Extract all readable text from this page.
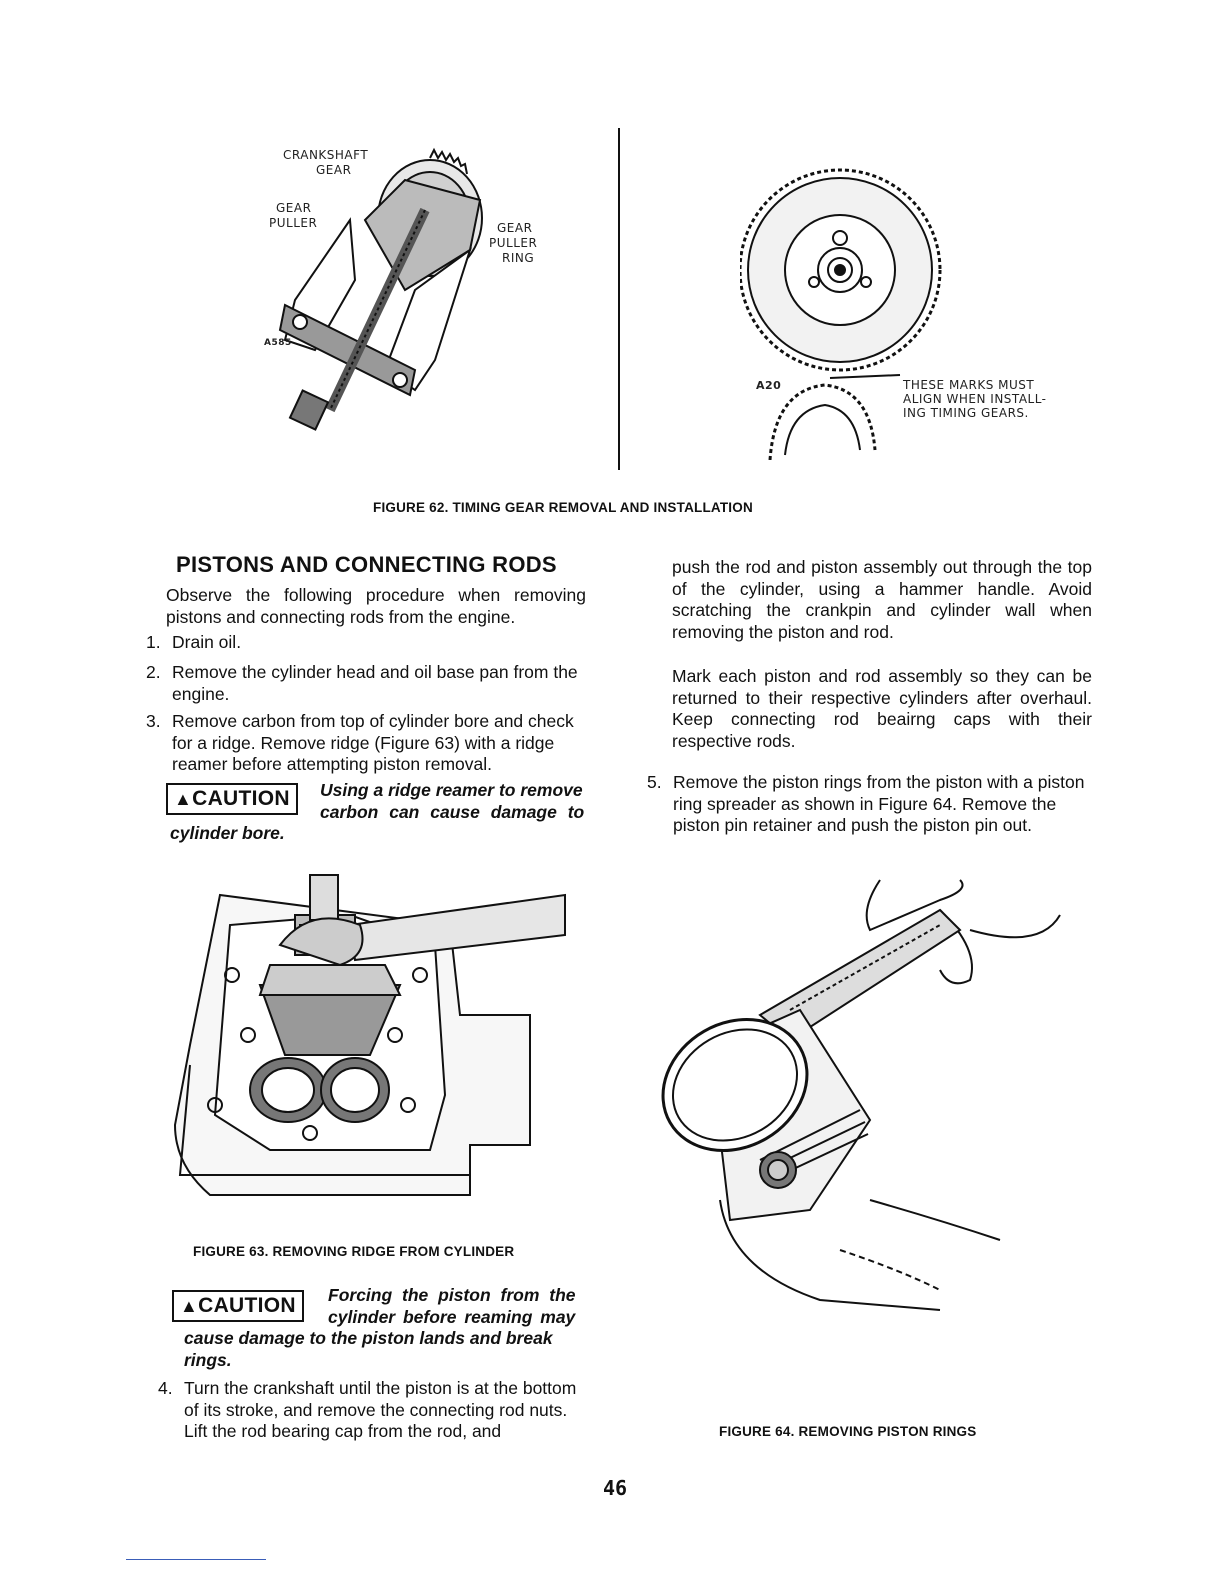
CRANKSHAFT
GEAR
GEAR
PULLER	GEAR
PULLER
RING
A585
A20	THESE MARKS MUST
ALIGN WHEN INSTALL-
ING TIMING GEARS.
FIGURE 62. TIMING GEAR REMOVAL AND INSTALLATION
PISTONS AND CONNECTING RODS

Observe the following procedure when removing pistons and connecting rods from the engine.

1. Drain oil.
2. Remove the cylinder head and oil base pan from the engine.
3. Remove carbon from top of cylinder bore and check for a ridge. Remove ridge (Figure 63) with a ridge reamer before attempting piston removal.
▲CAUTION	Using a ridge reamer to remove
carbon can cause damage to
cylinder bore.
FIGURE 63. REMOVING RIDGE FROM CYLINDER
▲CAUTION	Forcing the piston from the
cylinder before reaming may
cause damage to the piston lands and break rings.
4. Turn the crankshaft until the piston is at the bottom of its stroke, and remove the connecting rod nuts. Lift the rod bearing cap from the rod, and

push the rod and piston assembly out through the top of the cylinder, using a hammer handle. Avoid scratching the crankpin and cylinder wall when removing the piston and rod.

Mark each piston and rod assembly so they can be returned to their respective cylinders after overhaul. Keep connecting rod beairng caps with their respective rods.

5. Remove the piston rings from the piston with a piston ring spreader as shown in Figure 64. Remove the piston pin retainer and push the piston pin out.
FIGURE 64. REMOVING PISTON RINGS
46
